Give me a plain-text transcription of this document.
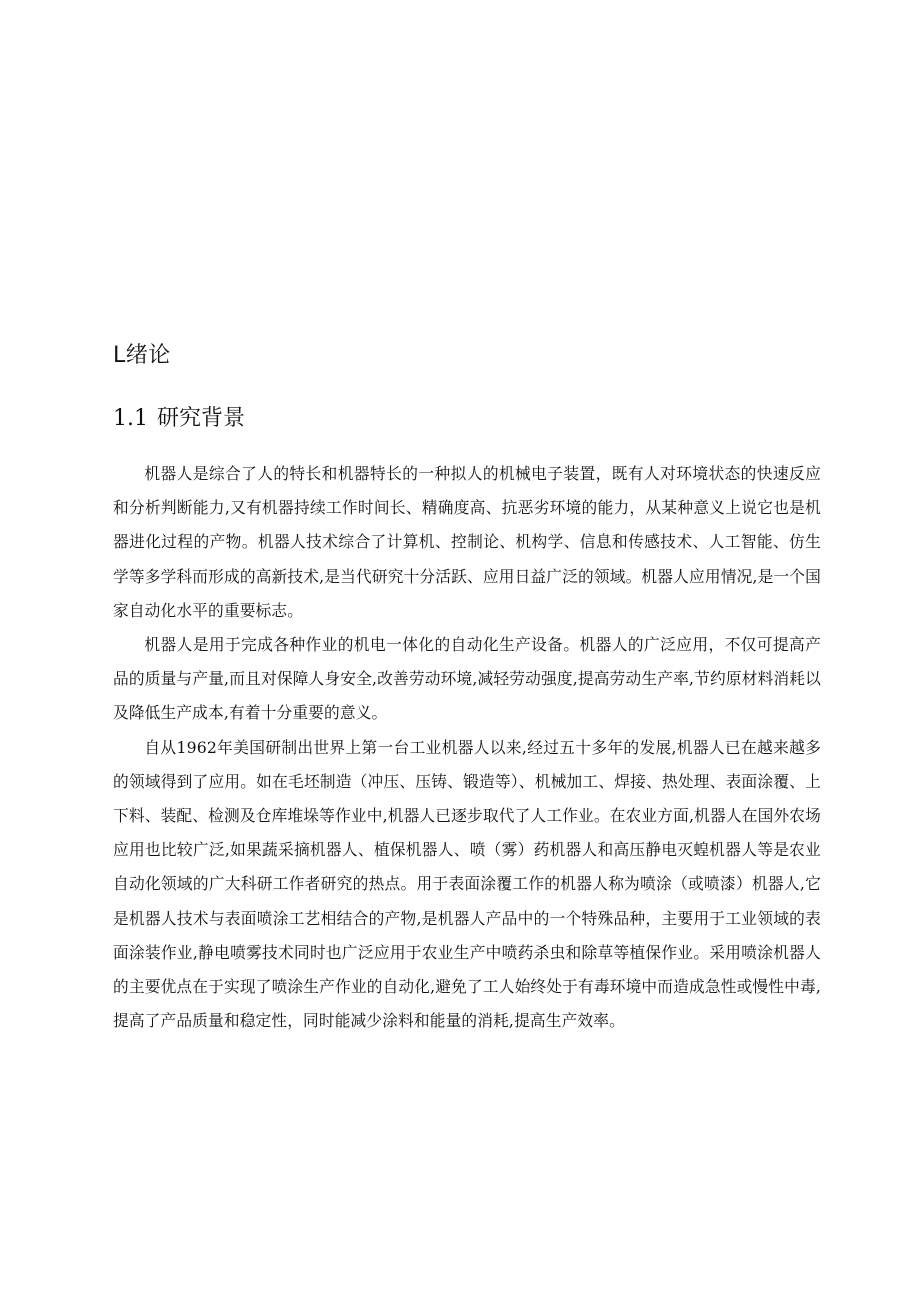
L绪论
1.1 研究背景

机器人是综合了人的特长和机器特长的一种拟人的机械电子装置，既有人对环境状态的快速反应和分析判断能力,又有机器持续工作时间长、精确度高、抗恶劣环境的能力，从某种意义上说它也是机器进化过程的产物。机器人技术综合了计算机、控制论、机构学、信息和传感技术、人工智能、仿生学等多学科而形成的高新技术,是当代研究十分活跃、应用日益广泛的领域。机器人应用情况,是一个国家自动化水平的重要标志。

机器人是用于完成各种作业的机电一体化的自动化生产设备。机器人的广泛应用，不仅可提高产品的质量与产量,而且对保障人身安全,改善劳动环境,减轻劳动强度,提高劳动生产率,节约原材料消耗以及降低生产成本,有着十分重要的意义。

自从1962年美国研制出世界上第一台工业机器人以来,经过五十多年的发展,机器人已在越来越多的领域得到了应用。如在毛坯制造（冲压、压铸、锻造等）、机械加工、焊接、热处理、表面涂覆、上下料、装配、检测及仓库堆垛等作业中,机器人已逐步取代了人工作业。在农业方面,机器人在国外农场应用也比较广泛,如果蔬采摘机器人、植保机器人、喷（雾）药机器人和高压静电灭蝗机器人等是农业自动化领域的广大科研工作者研究的热点。用于表面涂覆工作的机器人称为喷涂（或喷漆）机器人,它是机器人技术与表面喷涂工艺相结合的产物,是机器人产品中的一个特殊品种，主要用于工业领域的表面涂装作业,静电喷雾技术同时也广泛应用于农业生产中喷药杀虫和除草等植保作业。采用喷涂机器人的主要优点在于实现了喷涂生产作业的自动化,避免了工人始终处于有毒环境中而造成急性或慢性中毒,提高了产品质量和稳定性，同时能减少涂料和能量的消耗,提高生产效率。
